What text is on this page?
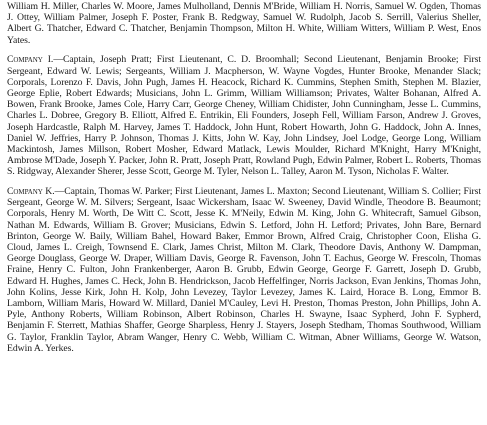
William H. Miller, Charles W. Moore, James Mulholland, Dennis M'Bride, William H. Norris, Samuel W. Ogden, Thomas J. Ottey, William Palmer, Joseph F. Poster, Frank B. Redgway, Samuel W. Rudolph, Jacob S. Serrill, Valerius Sheller, Albert G. Thatcher, Edward C. Thatcher, Benjamin Thompson, Milton H. White, William Witters, William P. West, Enos Yates.

Company I.—Captain, Joseph Pratt; First Lieutenant, C. D. Broomhall; Second Lieutenant, Benjamin Brooke; First Sergeant, Edward W. Lewis; Sergeants, William J. Macpherson, W. Wayne Vogdes, Hunter Brooke, Menander Slack; Corporals, Lorenzo F. Davis, John Pugh, James H. Heacock, Richard K. Cummins, Stephen Smith, Stephen M. Blazier, George Eplie, Robert Edwards; Musicians, John L. Grimm, William Williamson; Privates, Walter Bohanan, Alfred A. Bowen, Frank Brooke, James Cole, Harry Carr, George Cheney, William Chidister, John Cunningham, Jesse L. Cummins, Charles L. Dobree, Gregory B. Elliott, Alfred E. Entrikin, Eli Founders, Joseph Fell, William Farson, Andrew J. Groves, Joseph Hardcastle, Ralph M. Harvey, James T. Haddock, John Hunt, Robert Howarth, John G. Haddock, John A. Innes, Daniel W. Jeffries, Harry P. Johnson, Thomas J. Kitts, John W. Kay, John Lindsey, Joel Lodge, George Long, William Mackintosh, James Millson, Robert Mosher, Edward Matlack, Lewis Moulder, Richard M'Knight, Harry M'Knight, Ambrose M'Dade, Joseph Y. Packer, John R. Pratt, Joseph Pratt, Rowland Pugh, Edwin Palmer, Robert L. Roberts, Thomas S. Ridgway, Alexander Sherer, Jesse Scott, George M. Tyler, Nelson L. Talley, Aaron M. Tyson, Nicholas F. Walter.

Company K.—Captain, Thomas W. Parker; First Lieutenant, James L. Maxton; Second Lieutenant, William S. Collier; First Sergeant, George W. M. Silvers; Sergeant, Isaac Wickersham, Isaac W. Sweeney, David Windle, Theodore B. Beaumont; Corporals, Henry M. Worth, De Witt C. Scott, Jesse K. M'Neily, Edwin M. King, John G. Whitecraft, Samuel Gibson, Nathan M. Edwards, William B. Grover; Musicians, Edwin S. Letford, John H. Letford; Privates, John Bare, Bernard Brinton, George W. Baily, William Bahel, Howard Baker, Emmor Brown, Alfred Craig, Christopher Coon, Elisha G. Cloud, James L. Creigh, Townsend E. Clark, James Christ, Milton M. Clark, Theodore Davis, Anthony W. Dampman, George Douglass, George W. Draper, William Davis, George R. Favenson, John T. Eachus, George W. Frescoln, Thomas Fraine, Henry C. Fulton, John Frankenberger, Aaron B. Grubb, Edwin George, George F. Garrett, Joseph D. Grubb, Edward H. Hughes, James C. Heck, John B. Hendrickson, Jacob Heffelfinger, Norris Jackson, Evan Jenkins, Thomas John, John Kolins, Jesse Kirk, John H. Kolp, John Levezey, Taylor Levezey, James K. Laird, Horace B. Long, Emmor B. Lamborn, William Maris, Howard W. Millard, Daniel M'Cauley, Levi H. Preston, Thomas Preston, John Phillips, John A. Pyle, Anthony Roberts, William Robinson, Albert Robinson, Charles H. Swayne, Isaac Sypherd, John F. Sypherd, Benjamin F. Sterrett, Mathias Shaffer, George Sharpless, Henry J. Stayers, Joseph Stedham, Thomas Southwood, William G. Taylor, Franklin Taylor, Abram Wanger, Henry C. Webb, William C. Witman, Abner Williams, George W. Watson, Edwin A. Yerkes.
